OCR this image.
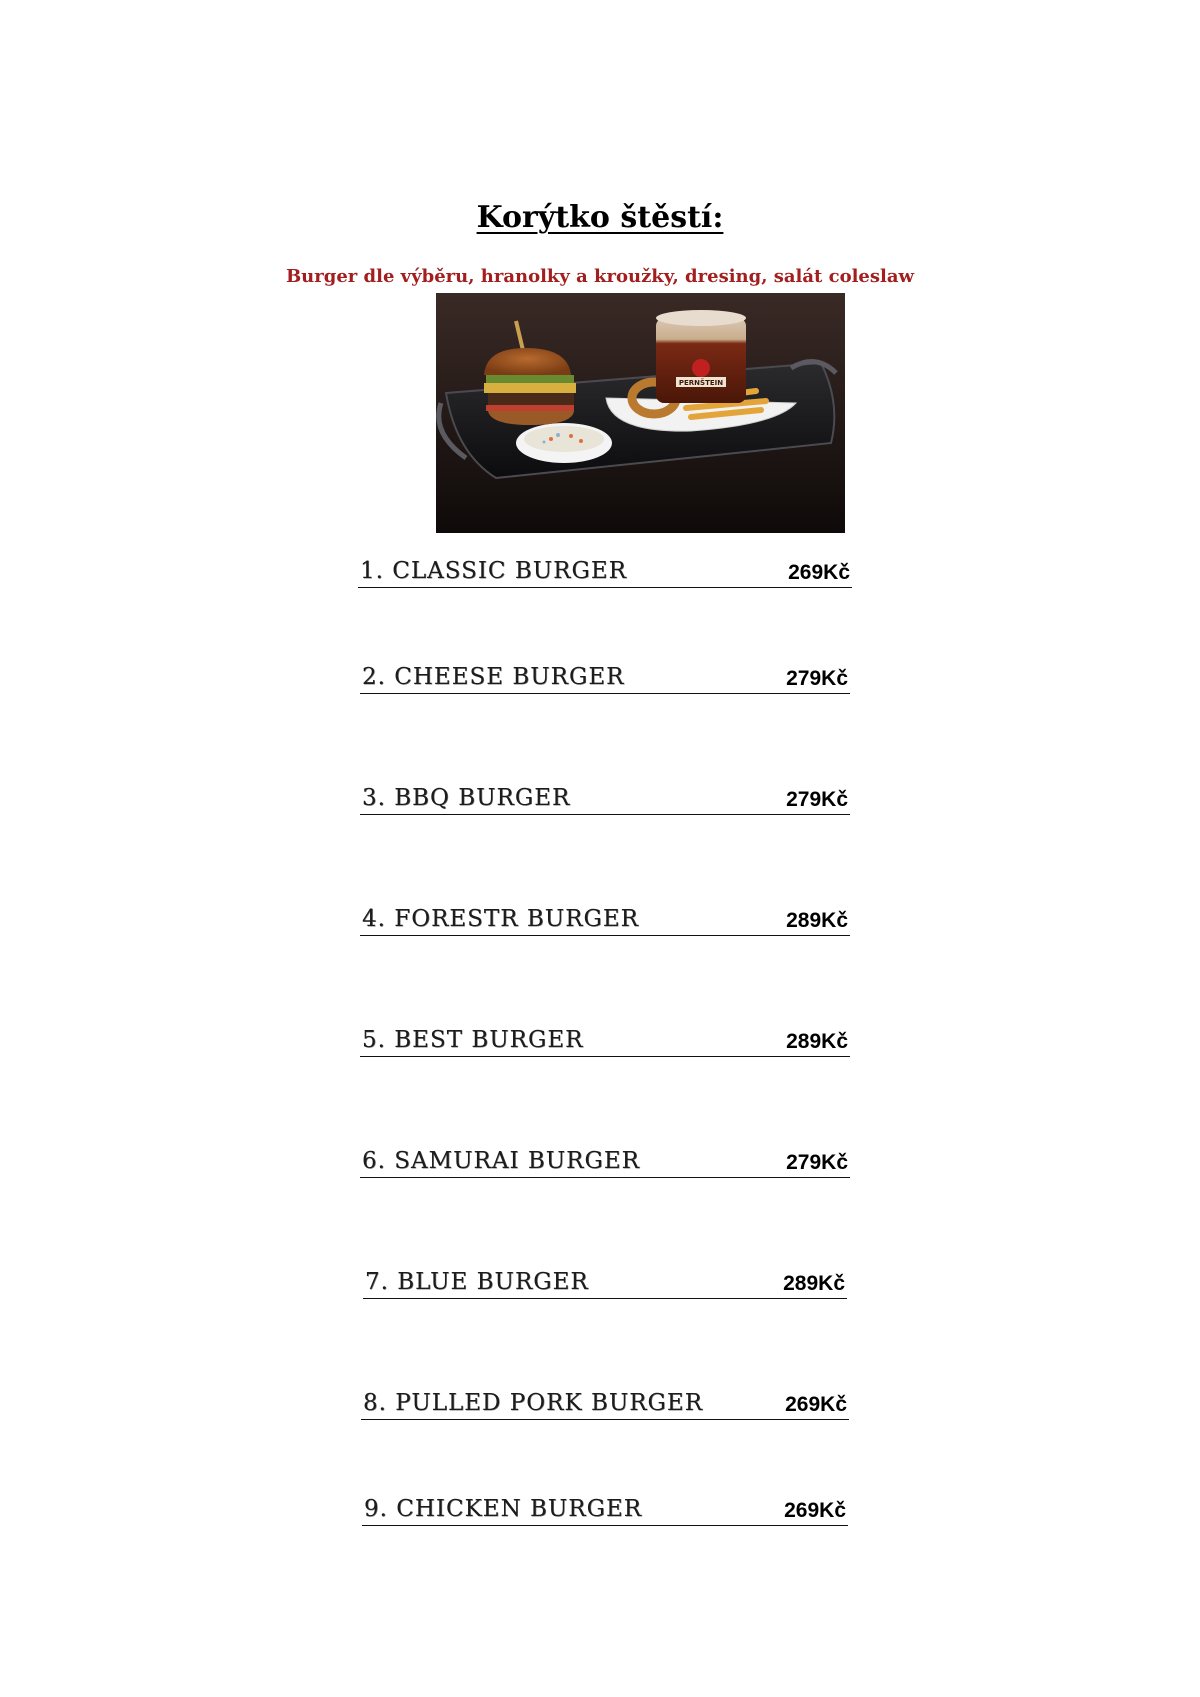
Korýtko štěstí:
Burger dle výběru, hranolky a kroužky, dresing, salát coleslaw
PERNŠTEIN
1. CLASSIC BURGER	269Kč
2. CHEESE BURGER	279Kč
3. BBQ BURGER	279Kč
4. FORESTR BURGER	289Kč
5. BEST BURGER	289Kč
6. SAMURAI BURGER	279Kč
7. BLUE BURGER	289Kč
8. PULLED PORK BURGER	269Kč
9. CHICKEN BURGER	269Kč
